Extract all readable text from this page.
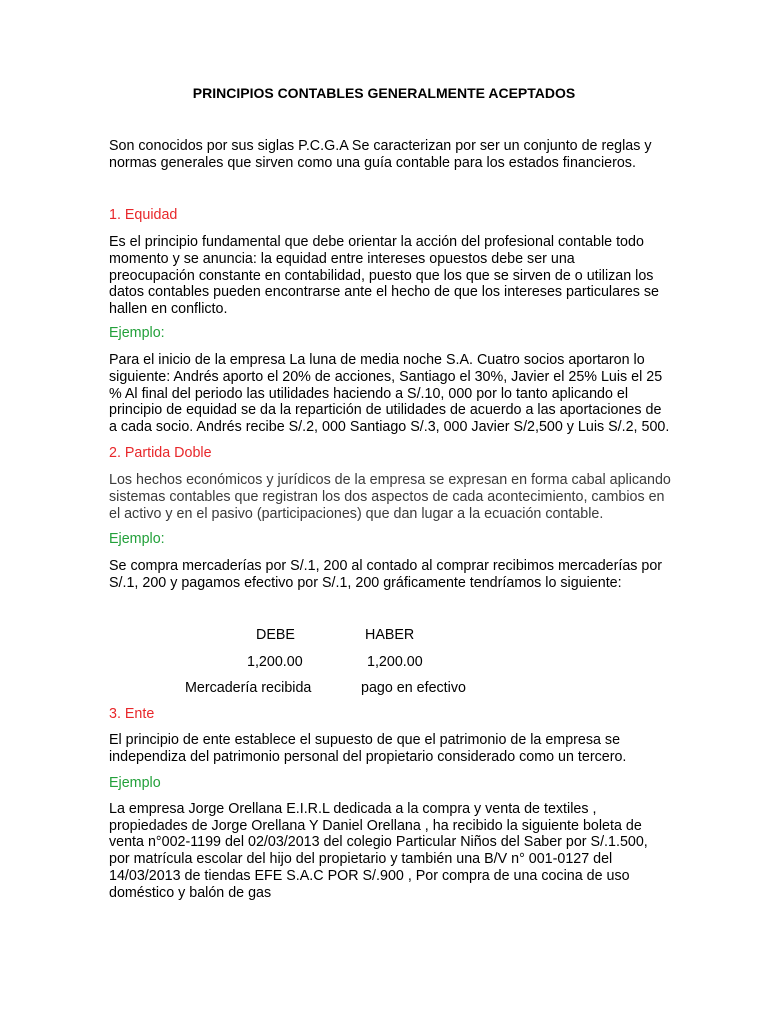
PRINCIPIOS CONTABLES GENERALMENTE ACEPTADOS

Son conocidos por sus siglas P.C.G.A Se caracterizan por ser un conjunto de reglas y

normas generales que sirven como una guía contable para los estados financieros.

1. Equidad

Es el principio fundamental que debe orientar la acción del profesional contable todo

momento y se anuncia: la equidad entre intereses opuestos debe ser una

preocupación constante en contabilidad, puesto que los que se sirven de o utilizan los

datos contables pueden encontrarse ante el hecho de que los intereses particulares se

hallen en conflicto.

Ejemplo:

Para el inicio de la empresa La luna de media noche S.A. Cuatro socios aportaron lo

siguiente: Andrés aporto el 20% de acciones, Santiago el 30%, Javier el 25% Luis el 25

% Al final del periodo las utilidades haciendo a S/.10, 000 por lo tanto aplicando el

principio de equidad se da la repartición de utilidades de acuerdo a las aportaciones de

a cada socio. Andrés recibe S/.2, 000 Santiago S/.3, 000 Javier S/2,500 y Luis S/.2, 500.

2. Partida Doble

Los hechos económicos y jurídicos de la empresa se expresan en forma cabal aplicando

sistemas contables que registran los dos aspectos de cada acontecimiento, cambios en

el activo y en el pasivo (participaciones) que dan lugar a la ecuación contable.

Ejemplo:

Se compra mercaderías por S/.1, 200 al contado al comprar recibimos mercaderías por

S/.1, 200 y pagamos efectivo por S/.1, 200 gráficamente tendríamos lo siguiente:

DEBE	HABER
1,200.00	1,200.00
Mercadería recibida	pago en efectivo

3. Ente

El principio de ente establece el supuesto de que el patrimonio de la empresa se

independiza del patrimonio personal del propietario considerado como un tercero.

Ejemplo

La empresa Jorge Orellana E.I.R.L dedicada a la compra y venta de textiles ,

propiedades de Jorge Orellana Y Daniel Orellana , ha recibido la siguiente boleta de

venta n°002-1199 del 02/03/2013 del colegio Particular Niños del Saber por S/.1.500,

por matrícula escolar del hijo del propietario y también una B/V n° 001-0127 del

14/03/2013 de tiendas EFE S.A.C POR S/.900 , Por compra de una cocina de uso

doméstico y balón de gas
